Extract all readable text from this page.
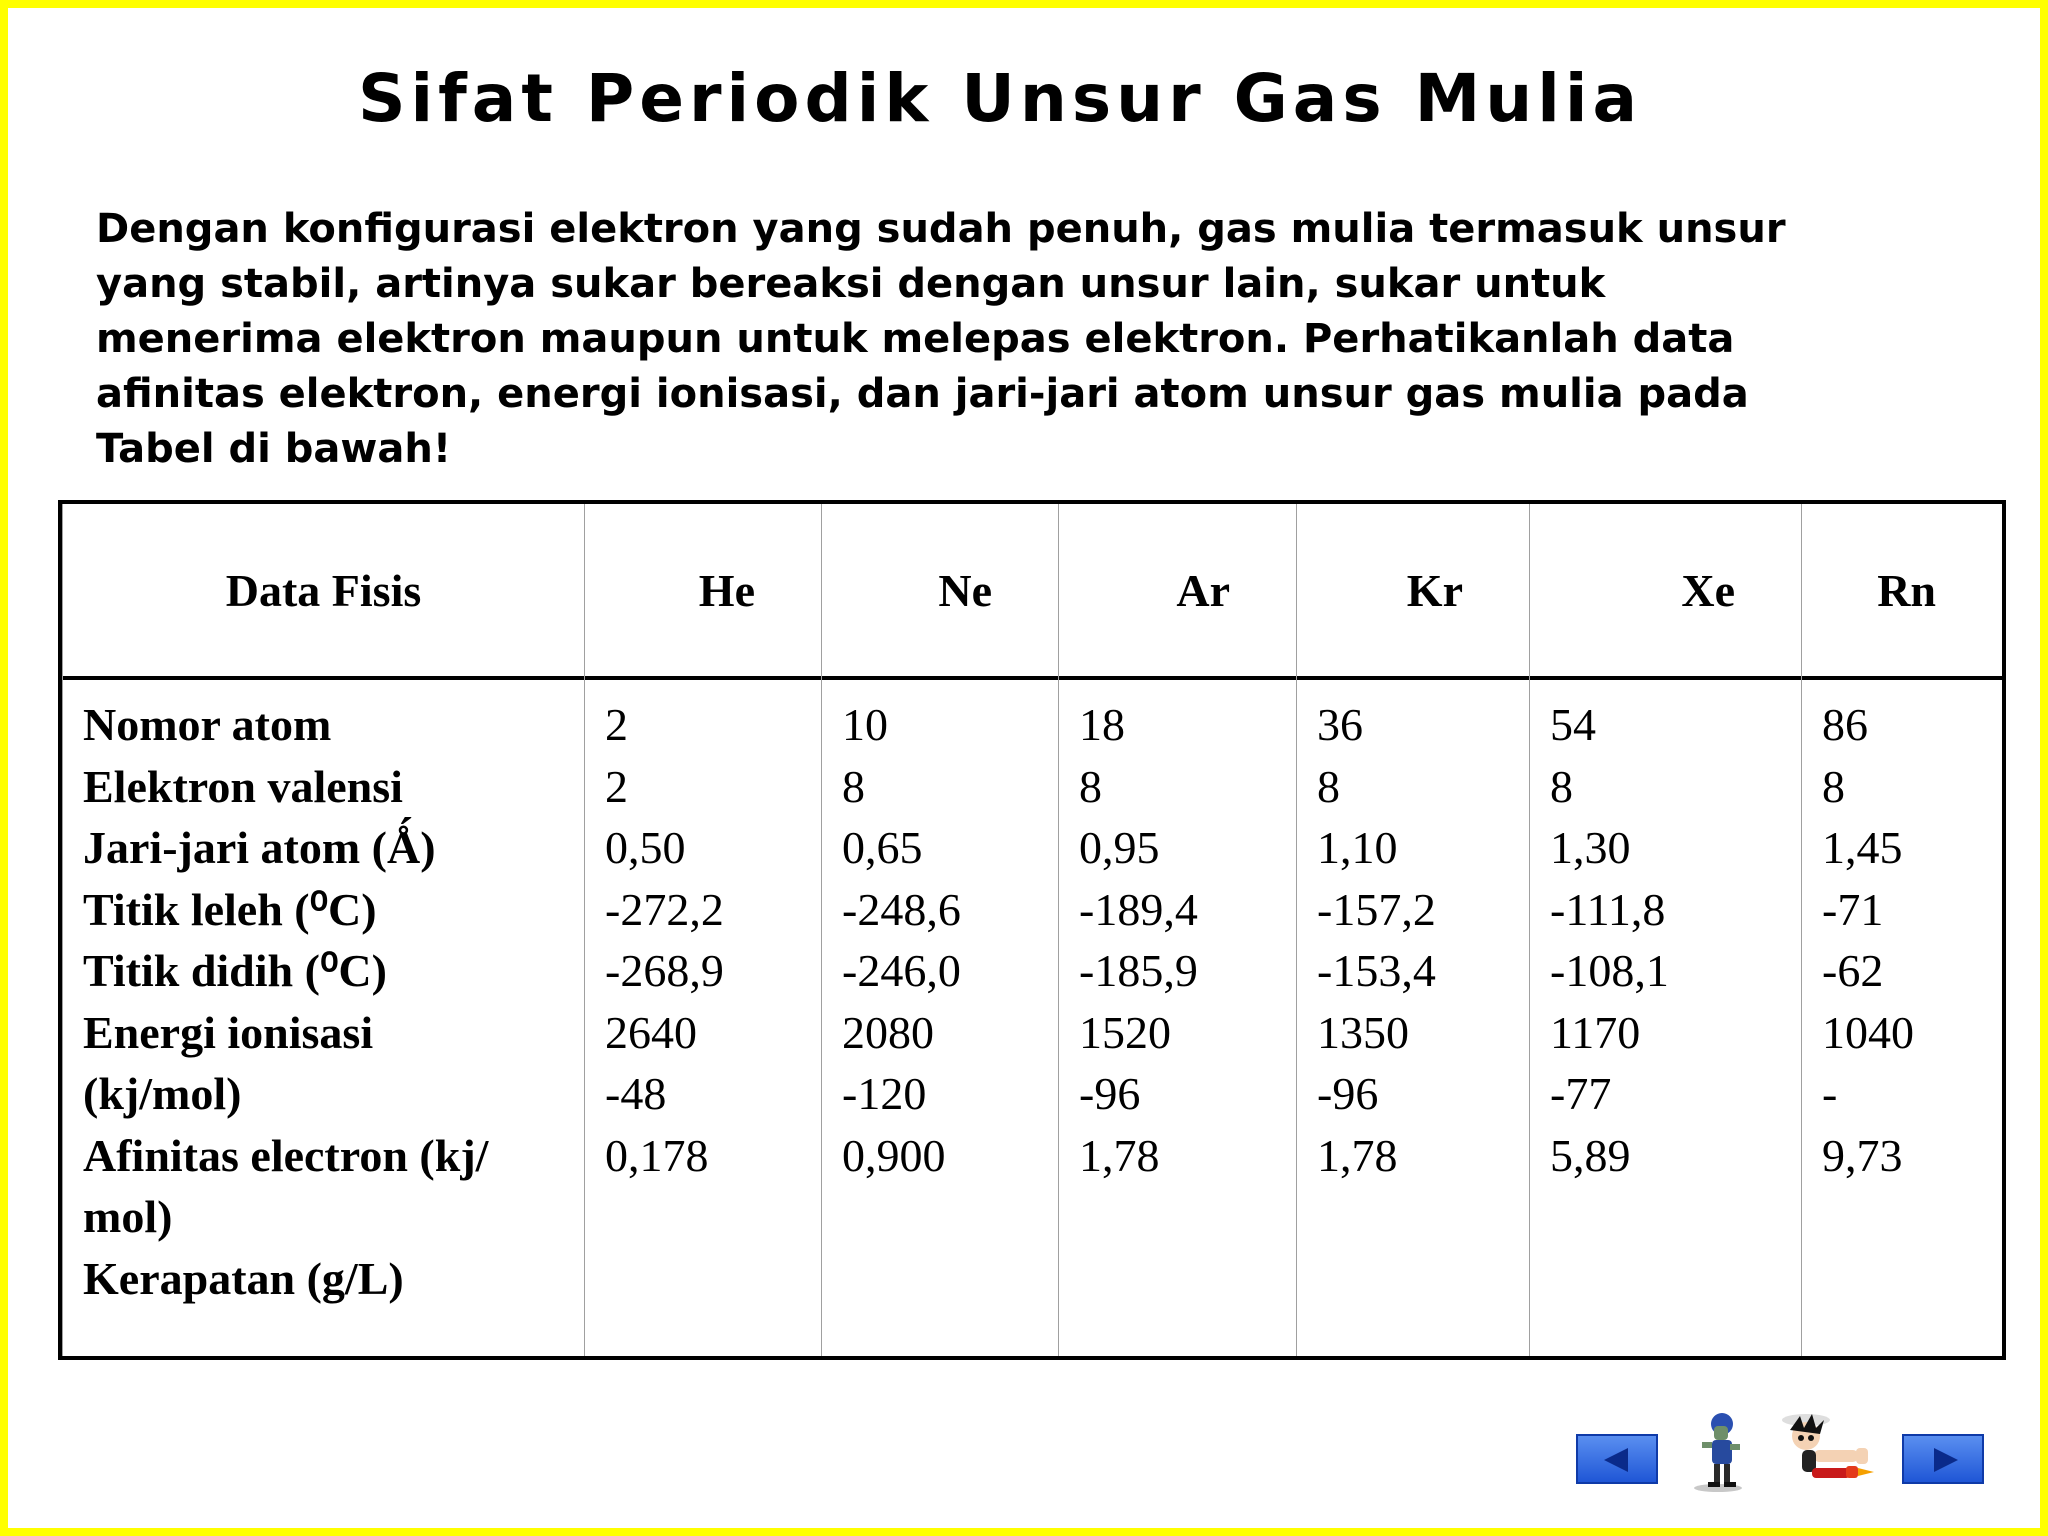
Sifat Periodik Unsur Gas Mulia
Dengan konfigurasi elektron yang sudah penuh, gas mulia termasuk unsur
yang stabil, artinya sukar bereaksi dengan unsur lain, sukar untuk
menerima elektron maupun untuk melepas elektron. Perhatikanlah data
afinitas elektron, energi ionisasi, dan jari-jari atom unsur gas mulia pada
Tabel di bawah!
Data Fisis
Nomor atom
Elektron valensi
Jari-jari atom (Ǻ)
Titik leleh (⁰C)
Titik didih (⁰C)
Energi ionisasi
(kj/mol)
Afinitas electron (kj/
mol)
Kerapatan (g/L)
He
2
2
0,50
-272,2
-268,9
2640
-48
0,178
Ne
10
8
0,65
-248,6
-246,0
2080
-120
0,900
Ar
18
8
0,95
-189,4
-185,9
1520
-96
1,78
Kr
36
8
1,10
-157,2
-153,4
1350
-96
1,78
Xe
54
8
1,30
-111,8
-108,1
1170
-77
5,89
Rn
86
8
1,45
-71
-62
1040
-
9,73
